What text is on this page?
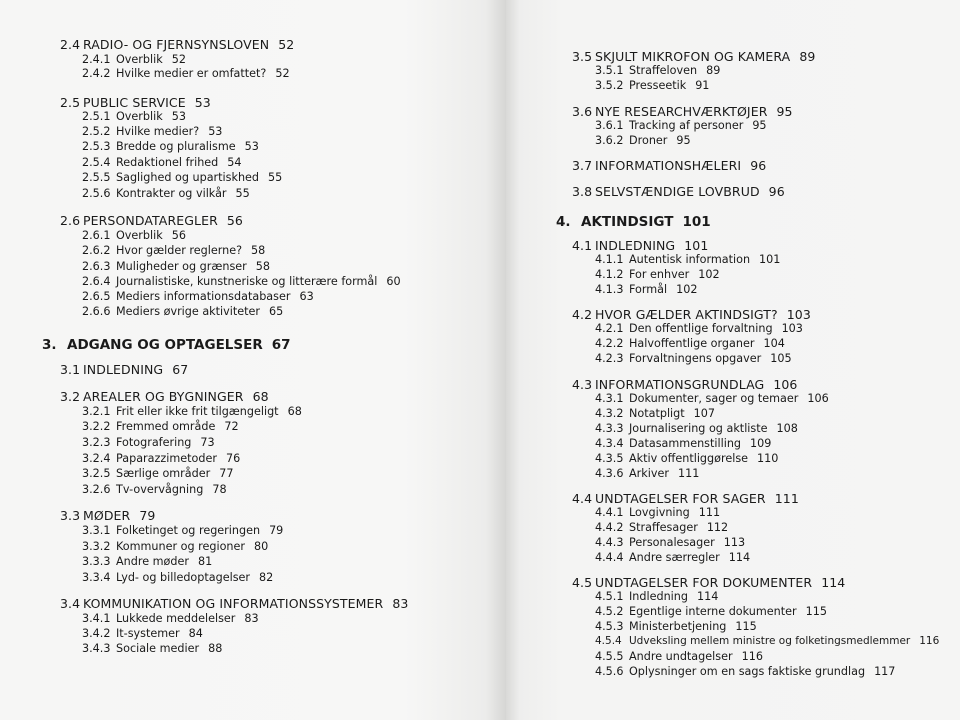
2.4 RADIO- OG FJERNSYNSLOVEN 52
2.4.1 Overblik 52
2.4.2 Hvilke medier er omfattet? 52
2.5 PUBLIC SERVICE 53
2.5.1 Overblik 53
2.5.2 Hvilke medier? 53
2.5.3 Bredde og pluralisme 53
2.5.4 Redaktionel frihed 54
2.5.5 Saglighed og upartiskhed 55
2.5.6 Kontrakter og vilkår 55
2.6 PERSONDATAREGLER 56
2.6.1 Overblik 56
2.6.2 Hvor gælder reglerne? 58
2.6.3 Muligheder og grænser 58
2.6.4 Journalistiske, kunstneriske og litterære formål 60
2.6.5 Mediers informationsdatabaser 63
2.6.6 Mediers øvrige aktiviteter 65
3. ADGANG OG OPTAGELSER 67
3.1 INDLEDNING 67
3.2 AREALER OG BYGNINGER 68
3.2.1 Frit eller ikke frit tilgængeligt 68
3.2.2 Fremmed område 72
3.2.3 Fotografering 73
3.2.4 Paparazzimetoder 76
3.2.5 Særlige områder 77
3.2.6 Tv-overvågning 78
3.3 MØDER 79
3.3.1 Folketinget og regeringen 79
3.3.2 Kommuner og regioner 80
3.3.3 Andre møder 81
3.3.4 Lyd- og billedoptagelser 82
3.4 KOMMUNIKATION OG INFORMATIONSSYSTEMER 83
3.4.1 Lukkede meddelelser 83
3.4.2 It-systemer 84
3.4.3 Sociale medier 88
3.5 SKJULT MIKROFON OG KAMERA 89
3.5.1 Straffeloven 89
3.5.2 Presseetik 91
3.6 NYE RESEARCHVÆRKTØJER 95
3.6.1 Tracking af personer 95
3.6.2 Droner 95
3.7 INFORMATIONSHÆLERI 96
3.8 SELVSTÆNDIGE LOVBRUD 96
4. AKTINDSIGT 101
4.1 INDLEDNING 101
4.1.1 Autentisk information 101
4.1.2 For enhver 102
4.1.3 Formål 102
4.2 HVOR GÆLDER AKTINDSIGT? 103
4.2.1 Den offentlige forvaltning 103
4.2.2 Halvoffentlige organer 104
4.2.3 Forvaltningens opgaver 105
4.3 INFORMATIONSGRUNDLAG 106
4.3.1 Dokumenter, sager og temaer 106
4.3.2 Notatpligt 107
4.3.3 Journalisering og aktliste 108
4.3.4 Datasammenstilling 109
4.3.5 Aktiv offentliggørelse 110
4.3.6 Arkiver 111
4.4 UNDTAGELSER FOR SAGER 111
4.4.1 Lovgivning 111
4.4.2 Straffesager 112
4.4.3 Personalesager 113
4.4.4 Andre særregler 114
4.5 UNDTAGELSER FOR DOKUMENTER 114
4.5.1 Indledning 114
4.5.2 Egentlige interne dokumenter 115
4.5.3 Ministerbetjening 115
4.5.4 Udveksling mellem ministre og folketingsmedlemmer 116
4.5.5 Andre undtagelser 116
4.5.6 Oplysninger om en sags faktiske grundlag 117
